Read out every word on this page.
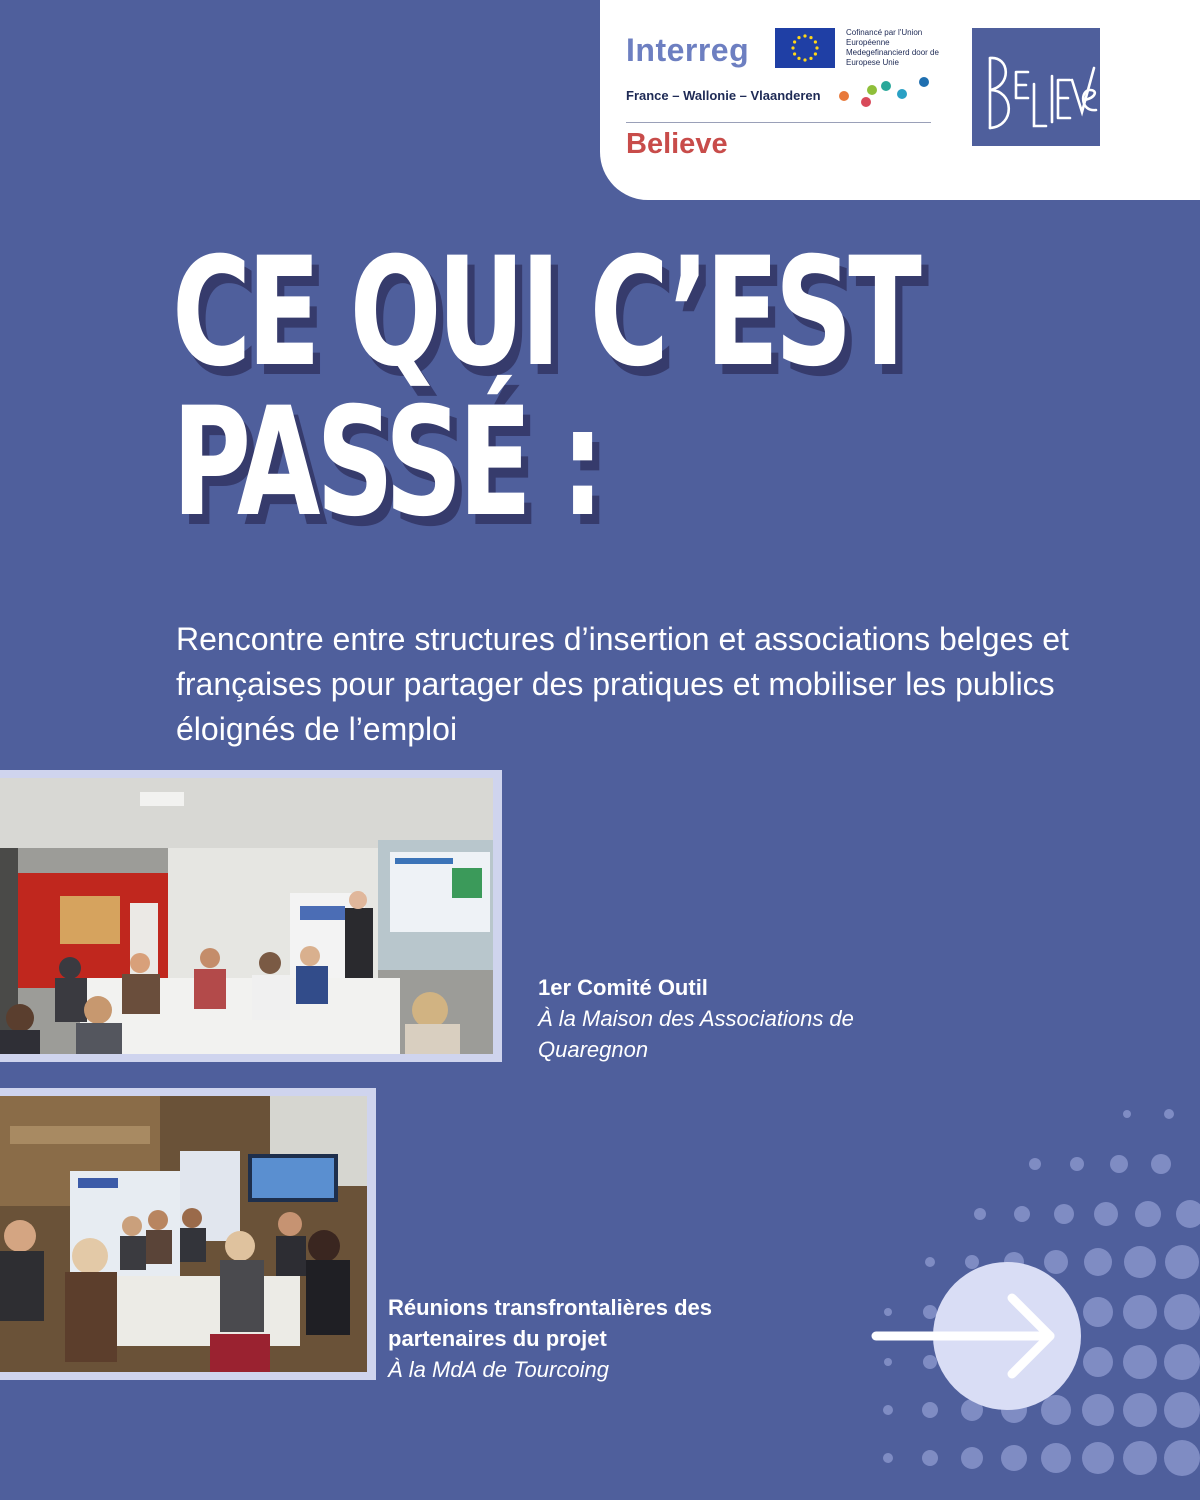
Interreg	Cofinancé par l'Union Européenne
Medegefinancierd door de Europese Unie
France – Wallonie – Vlaanderen
Believe
CE QUI C’EST
PASSÉ :
Rencontre entre structures d’insertion et associations belges et françaises pour partager des pratiques et mobiliser les publics éloignés de l’emploi
1er Comité Outil
À la Maison des Associations de Quaregnon
Réunions transfrontalières des partenaires du projet
À la MdA de Tourcoing
